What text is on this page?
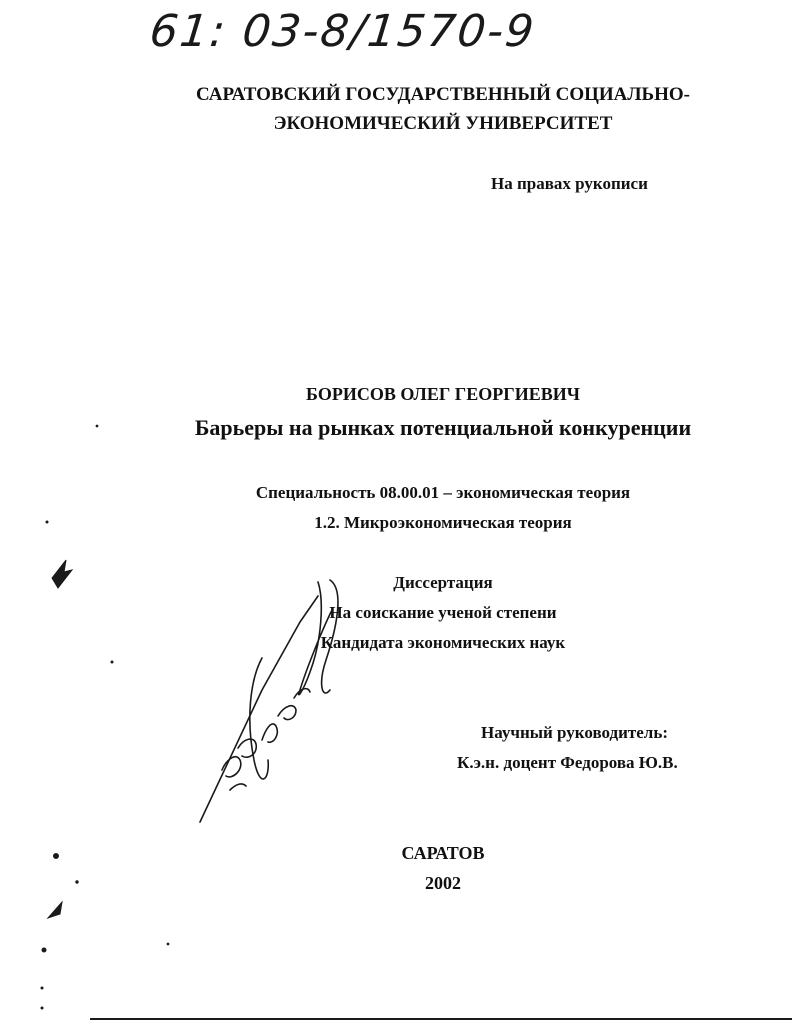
61: 03-8/1570-9

САРАТОВСКИЙ ГОСУДАРСТВЕННЫЙ СОЦИАЛЬНО-

ЭКОНОМИЧЕСКИЙ УНИВЕРСИТЕТ

На правах рукописи

БОРИСОВ ОЛЕГ ГЕОРГИЕВИЧ

Барьеры на рынках потенциальной конкуренции

Специальность 08.00.01 – экономическая теория

1.2. Микроэкономическая теория

Диссертация

На соискание ученой степени

Кандидата экономических наук

Научный руководитель:

К.э.н. доцент Федорова Ю.В.

САРАТОВ

2002
